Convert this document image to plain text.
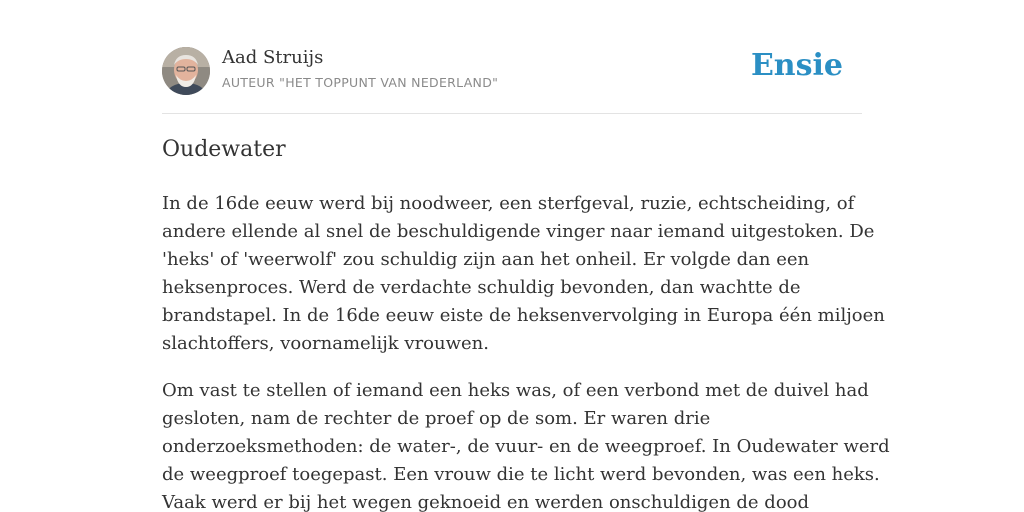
Aad Struijs
AUTEUR "HET TOPPUNT VAN NEDERLAND"	Ensie
Oudewater

In de 16de eeuw werd bij noodweer, een sterfgeval, ruzie, echtscheiding, of
andere ellende al snel de beschuldigende vinger naar iemand uitgestoken. De
'heks' of 'weerwolf' zou schuldig zijn aan het onheil. Er volgde dan een
heksenproces. Werd de verdachte schuldig bevonden, dan wachtte de
brandstapel. In de 16de eeuw eiste de heksenvervolging in Europa één miljoen
slachtoffers, voornamelijk vrouwen.

Om vast te stellen of iemand een heks was, of een verbond met de duivel had
gesloten, nam de rechter de proef op de som. Er waren drie
onderzoeksmethoden: de water-, de vuur- en de weegproef. In Oudewater werd
de weegproef toegepast. Een vrouw die te licht werd bevonden, was een heks.
Vaak werd er bij het wegen geknoeid en werden onschuldigen de dood
